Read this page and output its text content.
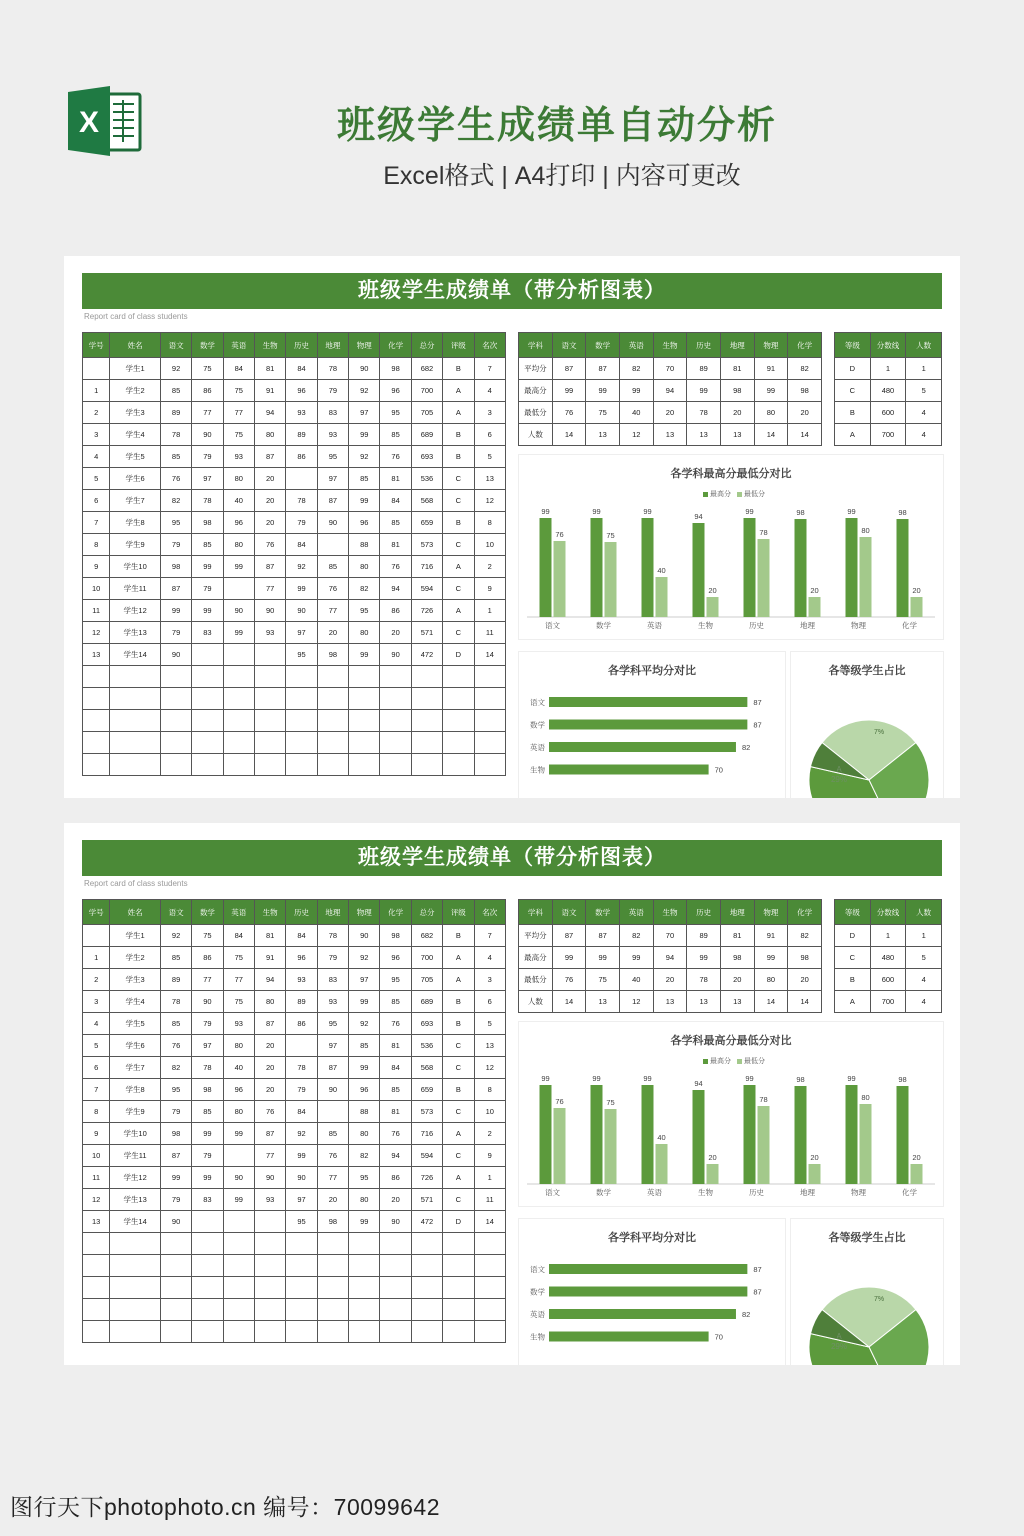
X	班级学生成绩单自动分析
Excel格式 | A4打印 | 内容可更改
班级学生成绩单（带分析图表）
Report card of class students
学号	姓名	语文	数学	英语	生物	历史	地理	物理	化学	总分	评级	名次
	学生1	92	75	84	81	84	78	90	98	682	B	7
1	学生2	85	86	75	91	96	79	92	96	700	A	4
2	学生3	89	77	77	94	93	83	97	95	705	A	3
3	学生4	78	90	75	80	89	93	99	85	689	B	6
4	学生5	85	79	93	87	86	95	92	76	693	B	5
5	学生6	76	97	80	20		97	85	81	536	C	13
6	学生7	82	78	40	20	78	87	99	84	568	C	12
7	学生8	95	98	96	20	79	90	96	85	659	B	8
8	学生9	79	85	80	76	84		88	81	573	C	10
9	学生10	98	99	99	87	92	85	80	76	716	A	2
10	学生11	87	79		77	99	76	82	94	594	C	9
11	学生12	99	99	90	90	90	77	95	86	726	A	1
12	学生13	79	83	99	93	97	20	80	20	571	C	11
13	学生14	90				95	98	99	90	472	D	14

学科	语文	数学	英语	生物	历史	地理	物理	化学
平均分	87	87	82	70	89	81	91	82
最高分	99	99	99	94	99	98	99	98
最低分	76	75	40	20	78	20	80	20
人数	14	13	12	13	13	13	14	14
等级	分数线	人数
D	1	1
C	480	5
B	600	4
A	700	4
各学科最高分最低分对比
最高分 最低分
99
76
语文
99
75
数学
99
40
英语
94
20
生物
99
78
历史
98
20
地理
99
80
物理
98
20
化学
各学科平均分对比
语文	87
数学	87
英语	82
生物	70
各等级学生占比
A
29%
7%
班级学生成绩单（带分析图表）
Report card of class students
学号	姓名	语文	数学	英语	生物	历史	地理	物理	化学	总分	评级	名次
	学生1	92	75	84	81	84	78	90	98	682	B	7
1	学生2	85	86	75	91	96	79	92	96	700	A	4
2	学生3	89	77	77	94	93	83	97	95	705	A	3
3	学生4	78	90	75	80	89	93	99	85	689	B	6
4	学生5	85	79	93	87	86	95	92	76	693	B	5
5	学生6	76	97	80	20		97	85	81	536	C	13
6	学生7	82	78	40	20	78	87	99	84	568	C	12
7	学生8	95	98	96	20	79	90	96	85	659	B	8
8	学生9	79	85	80	76	84		88	81	573	C	10
9	学生10	98	99	99	87	92	85	80	76	716	A	2
10	学生11	87	79		77	99	76	82	94	594	C	9
11	学生12	99	99	90	90	90	77	95	86	726	A	1
12	学生13	79	83	99	93	97	20	80	20	571	C	11
13	学生14	90				95	98	99	90	472	D	14

学科	语文	数学	英语	生物	历史	地理	物理	化学
平均分	87	87	82	70	89	81	91	82
最高分	99	99	99	94	99	98	99	98
最低分	76	75	40	20	78	20	80	20
人数	14	13	12	13	13	13	14	14
等级	分数线	人数
D	1	1
C	480	5
B	600	4
A	700	4
各学科最高分最低分对比
最高分 最低分
99
76
语文
99
75
数学
99
40
英语
94
20
生物
99
78
历史
98
20
地理
99
80
物理
98
20
化学
各学科平均分对比
语文	87
数学	87
英语	82
生物	70
各等级学生占比
A
29%
7%
图行天下photophoto.cn 编号：70099642
